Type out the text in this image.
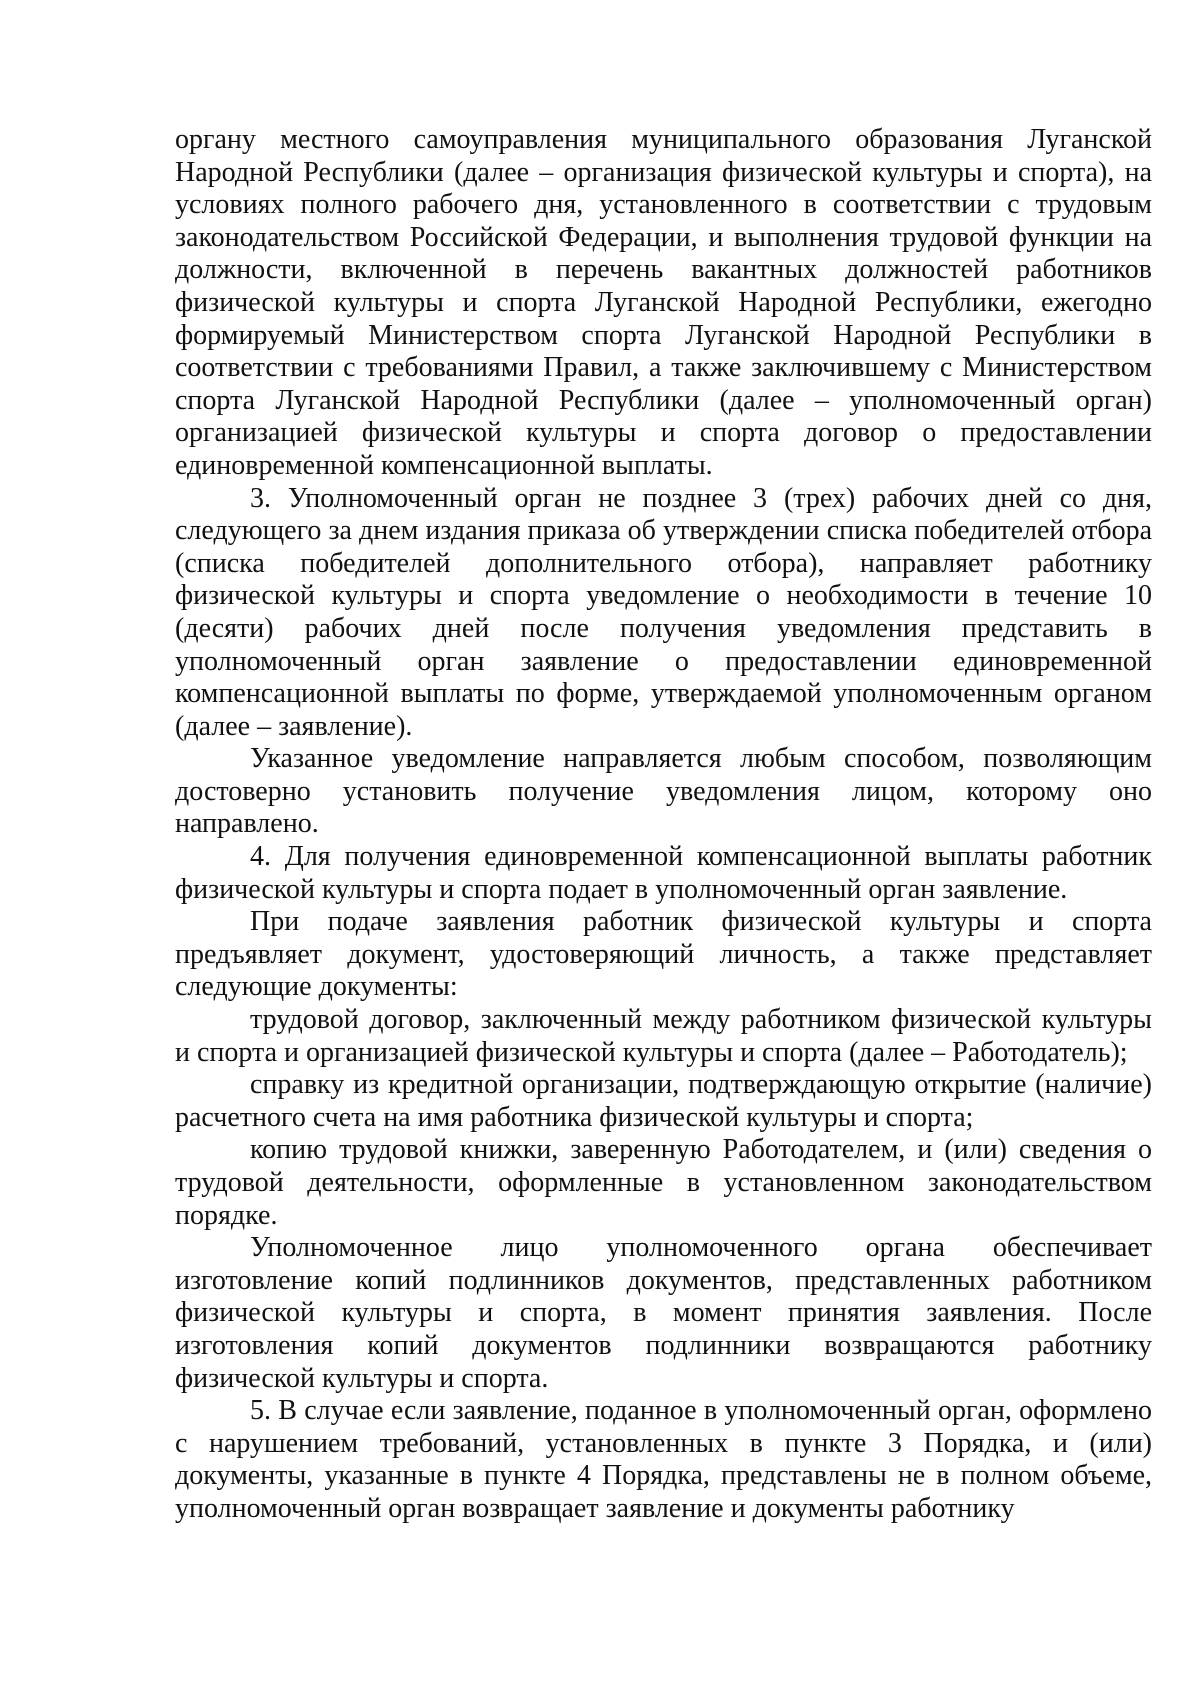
органу местного самоуправления муниципального образования Луганской Народной Республики (далее – организация физической культуры и спорта), на условиях полного рабочего дня, установленного в соответствии с трудовым законодательством Российской Федерации, и выполнения трудовой функции на должности, включенной в перечень вакантных должностей работников физической культуры и спорта Луганской Народной Республики, ежегодно формируемый Министерством спорта Луганской Народной Республики в соответствии с требованиями Правил, а также заключившему с Министерством спорта Луганской Народной Республики (далее – уполномоченный орган) организацией физической культуры и спорта договор о предоставлении единовременной компенсационной выплаты.

3. Уполномоченный орган не позднее 3 (трех) рабочих дней со дня, следующего за днем издания приказа об утверждении списка победителей отбора (списка победителей дополнительного отбора), направляет работнику физической культуры и спорта уведомление о необходимости в течение 10 (десяти) рабочих дней после получения уведомления представить в уполномоченный орган заявление о предоставлении единовременной компенсационной выплаты по форме, утверждаемой уполномоченным органом (далее – заявление).

Указанное уведомление направляется любым способом, позволяющим достоверно установить получение уведомления лицом, которому оно направлено.

4. Для получения единовременной компенсационной выплаты работник физической культуры и спорта подает в уполномоченный орган заявление.

При подаче заявления работник физической культуры и спорта предъявляет документ, удостоверяющий личность, а также представляет следующие документы:

трудовой договор, заключенный между работником физической культуры и спорта и организацией физической культуры и спорта (далее – Работодатель);

справку из кредитной организации, подтверждающую открытие (наличие) расчетного счета на имя работника физической культуры и спорта;

копию трудовой книжки, заверенную Работодателем, и (или) сведения о трудовой деятельности, оформленные в установленном законодательством порядке.

Уполномоченное лицо уполномоченного органа обеспечивает изготовление копий подлинников документов, представленных работником физической культуры и спорта, в момент принятия заявления. После изготовления копий документов подлинники возвращаются работнику физической культуры и спорта.

5. В случае если заявление, поданное в уполномоченный орган, оформлено с нарушением требований, установленных в пункте 3 Порядка, и (или) документы, указанные в пункте 4 Порядка, представлены не в полном объеме, уполномоченный орган возвращает заявление и документы работнику
